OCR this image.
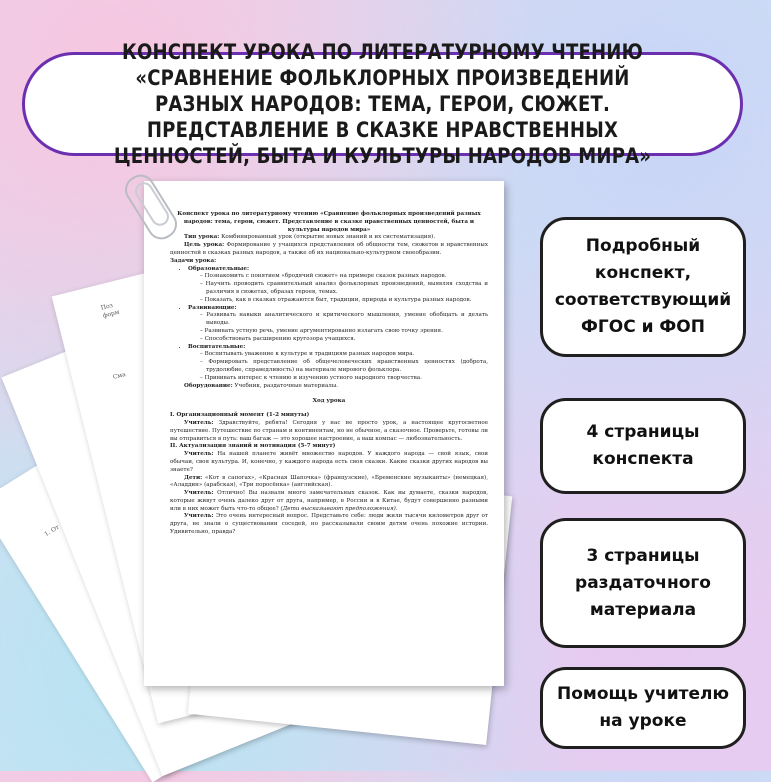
1. От
Поз
форм
Сма

Конспект урока по литературному чтению «Сравнение фольклорных произведений разных народов: тема, герои, сюжет. Представление в сказке нравственных ценностей, быта и культуры народов мира»

Тип урока: Комбинированный урок (открытие новых знаний и их систематизация).

Цель урока: Формирование у учащихся представления об общности тем, сюжетов и нравственных ценностей в сказках разных народов, а также об их национально-культурном своеобразии.

Задачи урока:

• Образовательные:

– Познакомить с понятием «бродячий сюжет» на примере сказок разных народов.

– Научить проводить сравнительный анализ фольклорных произведений, выявляя сходства и различия в сюжетах, образах героев, темах.

– Показать, как в сказках отражаются быт, традиции, природа и культура разных народов.

• Развивающие:

– Развивать навыки аналитического и критического мышления, умение обобщать и делать выводы.

– Развивать устную речь, умение аргументированно излагать свою точку зрения.

– Способствовать расширению кругозора учащихся.

• Воспитательные:

– Воспитывать уважение к культуре и традициям разных народов мира.

– Формировать представление об общечеловеческих нравственных ценностях (доброта, трудолюбие, справедливость) на материале мирового фольклора.

– Прививать интерес к чтению и изучению устного народного творчества.

Оборудование: Учебник, раздаточные материалы.

Ход урока

I. Организационный момент (1-2 минуты)

Учитель: Здравствуйте, ребята! Сегодня у нас не просто урок, а настоящее кругосветное путешествие. Путешествие по странам и континентам, но не обычное, а сказочное. Проверьте, готовы ли вы отправиться в путь: ваш багаж — это хорошее настроение, а ваш компас — любознательность.

II. Актуализация знаний и мотивация (5-7 минут)

Учитель: На нашей планете живёт множество народов. У каждого народа — свой язык, свои обычаи, своя культура. И, конечно, у каждого народа есть своя сказки. Какие сказки других народов вы знаете?

Дети: «Кот в сапогах», «Красная Шапочка» (французские), «Бременские музыканты» (немецкая), «Аладдин» (арабская), «Три поросёнка» (английская).

Учитель: Отлично! Вы назвали много замечательных сказок. Как вы думаете, сказки народов, которые живут очень далеко друг от друга, например, в России и в Китае, будут совершенно разными или в них может быть что-то общее? (Дети высказывают предположения).

Учитель: Это очень интересный вопрос. Представьте себе: люди жили тысячи километров друг от друга, не знали о существовании соседей, но рассказывали своим детям очень похожие истории. Удивительно, правда?

КОНСПЕКТ УРОКА ПО ЛИТЕРАТУРНОМУ ЧТЕНИЮ «СРАВНЕНИЕ ФОЛЬКЛОРНЫХ ПРОИЗВЕДЕНИЙ РАЗНЫХ НАРОДОВ: ТЕМА, ГЕРОИ, СЮЖЕТ. ПРЕДСТАВЛЕНИЕ В СКАЗКЕ НРАВСТВЕННЫХ ЦЕННОСТЕЙ, БЫТА И КУЛЬТУРЫ НАРОДОВ МИРА»
Подробный конспект, соответствующий ФГОС и ФОП
4 страницы конспекта
3 страницы раздаточного материала
Помощь учителю на уроке
